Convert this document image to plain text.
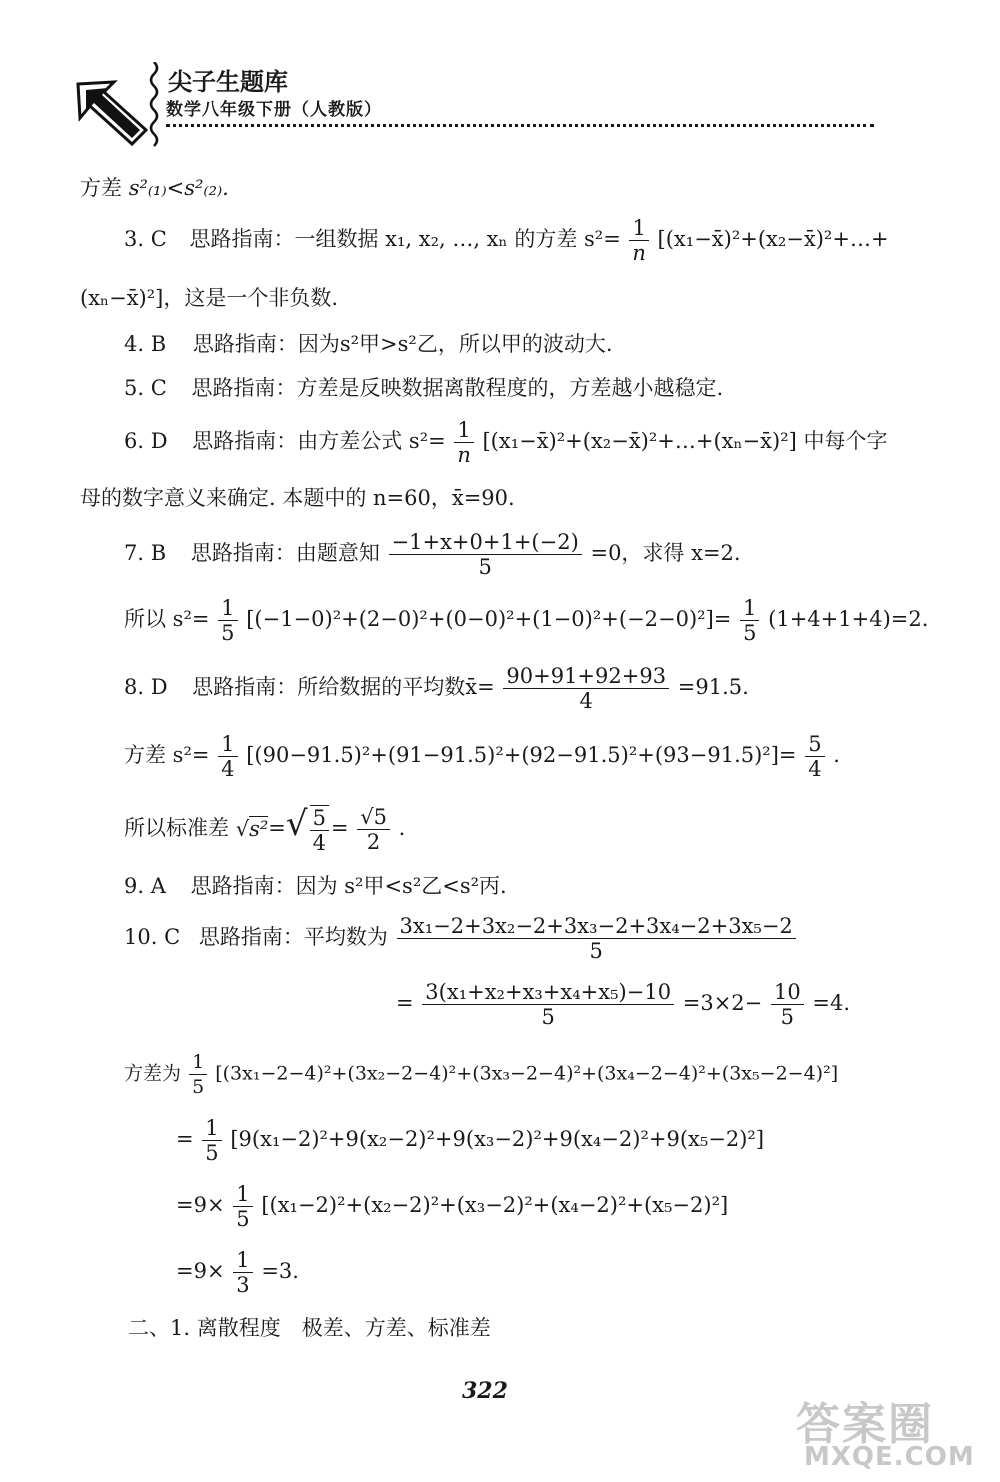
尖子生题库
数学八年级下册（人教版）
方差 s²₍₁₎<s²₍₂₎.
3. C 思路指南：一组数据 x₁, x₂, …, xₙ 的方差 $s^2= \frac{1}{n}$ [(x₁−x̄)²+(x₂−x̄)²+…+
(xₙ−x̄)²]，这是一个非负数.
4. B 思路指南：因为s²甲>s²乙，所以甲的波动大.
5. C 思路指南：方差是反映数据离散程度的，方差越小越稳定.
6. D 思路指南：由方差公式 $s^2= \frac{1}{n}$ [(x₁−x̄)²+(x₂−x̄)²+…+(xₙ−x̄)²] 中每个字
母的数字意义来确定. 本题中的 n=60，x̄=90.
7. B 思路指南：由题意知 $\frac{-1+x+0+1+(-2)}{5} =0$，求得 x=2.
所以 $s^2= \frac{1}{5} [(-1-0)^2+(2-0)^2+(0-0)^2+(1-0)^2+(-2-0)^2]= \frac{1}{5} (1+4+1+4)=2$.
8. D 思路指南：所给数据的平均数x̄= $\frac{90+91+92+93}{4} =91.5$.
方差 $s^2= \frac{1}{4} [(90-91.5)^2+(91-91.5)^2+(92-91.5)^2+(93-91.5)^2]= \frac{5}{4}$ .
所以标准差 $√s^2=√ \frac{5}{4} = \frac{√5}{2}$ .
9. A 思路指南：因为 s²甲<s²乙<s²丙.
10. C 思路指南：平均数为 $\frac{\text{3x₁−2+3x₂−2+3x₃−2+3x₄−2+3x₅−2}}{5}$
= $\frac{\text{3(x₁+x₂+x₃+x₄+x₅)−10}}{5} =3\times 2- \frac{10}{5} =4$.
方差为 $\frac{1}{5} [(3x_1-2-4)^2+(3x_2-2-4)^2+(3x_3-2-4)^2+(3x_4-2-4)^2+(3x_5-2-4)^2]$
= $\frac{1}{5} [9(x_1-2)^2+9(x_2-2)^2+9(x_3-2)^2+9(x_4-2)^2+9(x_5-2)^2]$
$=9\times \frac{1}{5} [(x_1-2)^2+(x_2-2)^2+(x_3-2)^2+(x_4-2)^2+(x_5-2)^2]$
$=9\times \frac{1}{3} =3$.
二、1. 离散程度　极差、方差、标准差
322
答案圈
MXQE.COM
